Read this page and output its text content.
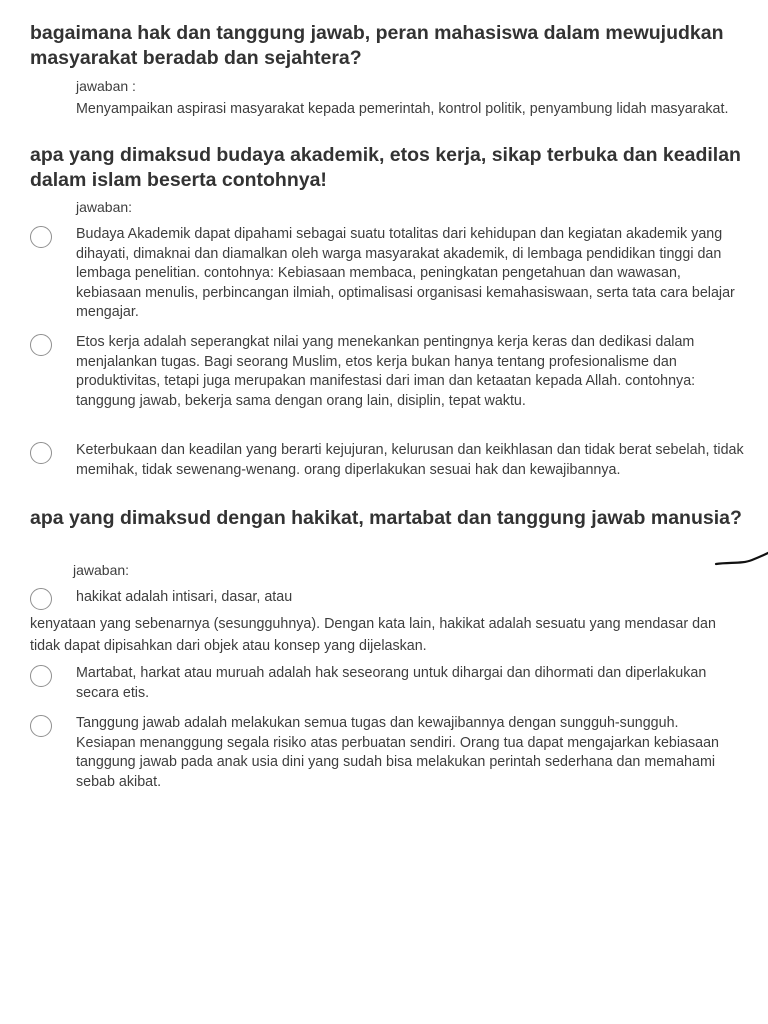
bagaimana hak dan tanggung jawab, peran mahasiswa dalam mewujudkan masyarakat beradab dan sejahtera?
jawaban :
Menyampaikan aspirasi masyarakat kepada pemerintah, kontrol politik, penyambung lidah masyarakat.
apa yang dimaksud budaya akademik, etos kerja, sikap terbuka dan keadilan dalam islam beserta contohnya!
jawaban:
Budaya Akademik dapat dipahami sebagai suatu totalitas dari kehidupan dan kegiatan akademik yang dihayati, dimaknai dan diamalkan oleh warga masyarakat akademik, di lembaga pendidikan tinggi dan lembaga penelitian. contohnya: Kebiasaan membaca, peningkatan pengetahuan dan wawasan, kebiasaan menulis, perbincangan ilmiah, optimalisasi organisasi kemahasiswaan, serta tata cara belajar mengajar.
Etos kerja adalah seperangkat nilai yang menekankan pentingnya kerja keras dan dedikasi dalam menjalankan tugas. Bagi seorang Muslim, etos kerja bukan hanya tentang profesionalisme dan produktivitas, tetapi juga merupakan manifestasi dari iman dan ketaatan kepada Allah. contohnya: tanggung jawab, bekerja sama dengan orang lain, disiplin, tepat waktu.
Keterbukaan dan keadilan yang berarti kejujuran, kelurusan dan keikhlasan dan tidak berat sebelah, tidak memihak, tidak sewenang-wenang. orang diperlakukan sesuai hak dan kewajibannya.
apa yang dimaksud dengan hakikat, martabat dan tanggung jawab manusia?
jawaban:
hakikat adalah intisari, dasar, atau
kenyataan yang sebenarnya (sesungguhnya). Dengan kata lain, hakikat adalah sesuatu yang mendasar dan tidak dapat dipisahkan dari objek atau konsep yang dijelaskan.
Martabat, harkat atau muruah adalah hak seseorang untuk dihargai dan dihormati dan diperlakukan secara etis.
Tanggung jawab adalah melakukan semua tugas dan kewajibannya dengan sungguh-sungguh. Kesiapan menanggung segala risiko atas perbuatan sendiri. Orang tua dapat mengajarkan kebiasaan tanggung jawab pada anak usia dini yang sudah bisa melakukan perintah sederhana dan memahami sebab akibat.
